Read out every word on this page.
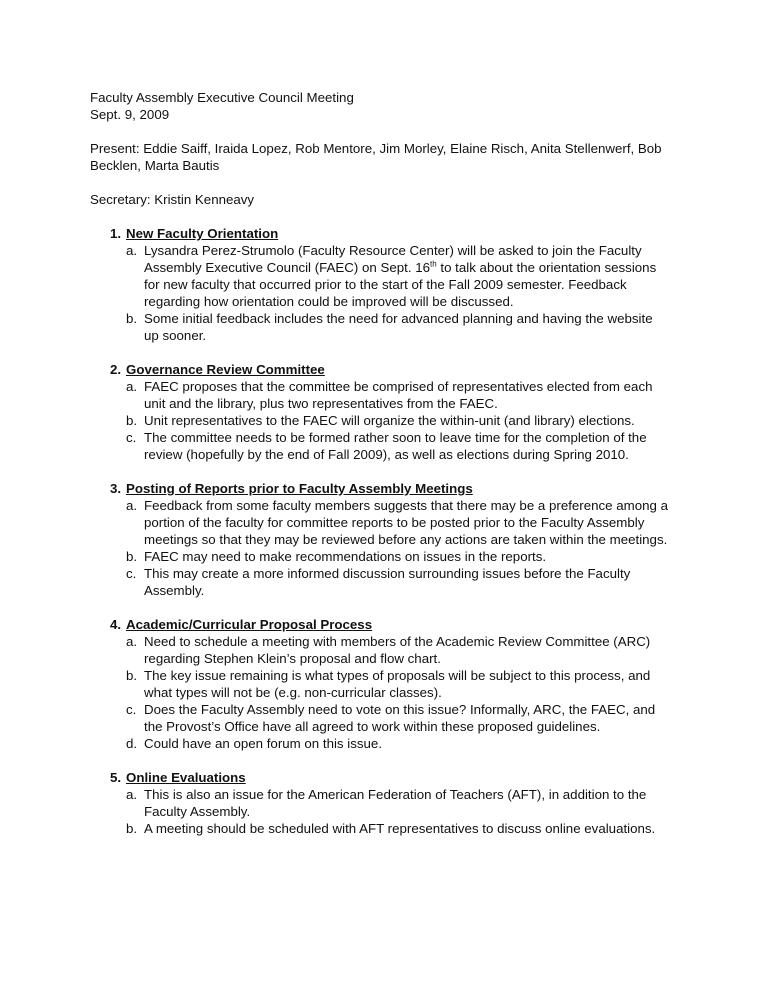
Faculty Assembly Executive Council Meeting

Sept. 9, 2009

Present: Eddie Saiff, Iraida Lopez, Rob Mentore, Jim Morley, Elaine Risch, Anita Stellenwerf, Bob Becklen, Marta Bautis

Secretary: Kristin Kenneavy

1. New Faculty Orientation
a. Lysandra Perez-Strumolo (Faculty Resource Center) will be asked to join the Faculty Assembly Executive Council (FAEC) on Sept. 16th to talk about the orientation sessions for new faculty that occurred prior to the start of the Fall 2009 semester. Feedback regarding how orientation could be improved will be discussed.
b. Some initial feedback includes the need for advanced planning and having the website up sooner.
2. Governance Review Committee
a. FAEC proposes that the committee be comprised of representatives elected from each unit and the library, plus two representatives from the FAEC.
b. Unit representatives to the FAEC will organize the within-unit (and library) elections.
c. The committee needs to be formed rather soon to leave time for the completion of the review (hopefully by the end of Fall 2009), as well as elections during Spring 2010.
3. Posting of Reports prior to Faculty Assembly Meetings
a. Feedback from some faculty members suggests that there may be a preference among a portion of the faculty for committee reports to be posted prior to the Faculty Assembly meetings so that they may be reviewed before any actions are taken within the meetings.
b. FAEC may need to make recommendations on issues in the reports.
c. This may create a more informed discussion surrounding issues before the Faculty Assembly.
4. Academic/Curricular Proposal Process
a. Need to schedule a meeting with members of the Academic Review Committee (ARC) regarding Stephen Klein’s proposal and flow chart.
b. The key issue remaining is what types of proposals will be subject to this process, and what types will not be (e.g. non-curricular classes).
c. Does the Faculty Assembly need to vote on this issue? Informally, ARC, the FAEC, and the Provost’s Office have all agreed to work within these proposed guidelines.
d. Could have an open forum on this issue.
5. Online Evaluations
a. This is also an issue for the American Federation of Teachers (AFT), in addition to the Faculty Assembly.
b. A meeting should be scheduled with AFT representatives to discuss online evaluations.
